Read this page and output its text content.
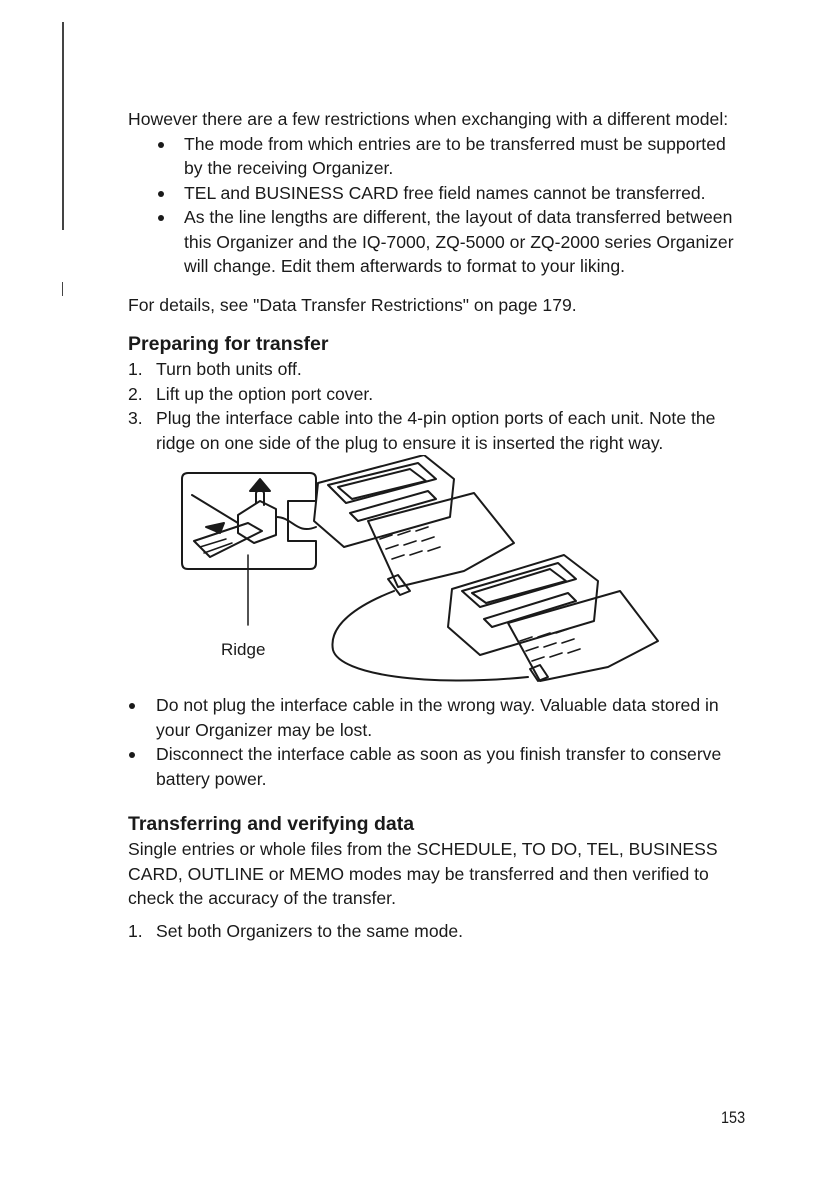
However there are a few restrictions when exchanging with a different model:

The mode from which entries are to be transferred must be supported by the receiving Organizer.
TEL and BUSINESS CARD free field names cannot be transferred.
As the line lengths are different, the layout of data transferred between this Organizer and the IQ-7000, ZQ-5000 or ZQ-2000 series Organizer will change. Edit them afterwards to format to your liking.

For details, see "Data Transfer Restrictions" on page 179.

Preparing for transfer
1. Turn both units off.
2. Lift up the option port cover.
3. Plug the interface cable into the 4-pin option ports of each unit. Note the ridge on one side of the plug to ensure it is inserted the right way.
Ridge
Do not plug the interface cable in the wrong way. Valuable data stored in your Organizer may be lost.
Disconnect the interface cable as soon as you finish transfer to conserve battery power.
Transferring and verifying data

Single entries or whole files from the SCHEDULE, TO DO, TEL, BUSINESS CARD, OUTLINE or MEMO modes may be transferred and then verified to check the accuracy of the transfer.

1. Set both Organizers to the same mode.
153
